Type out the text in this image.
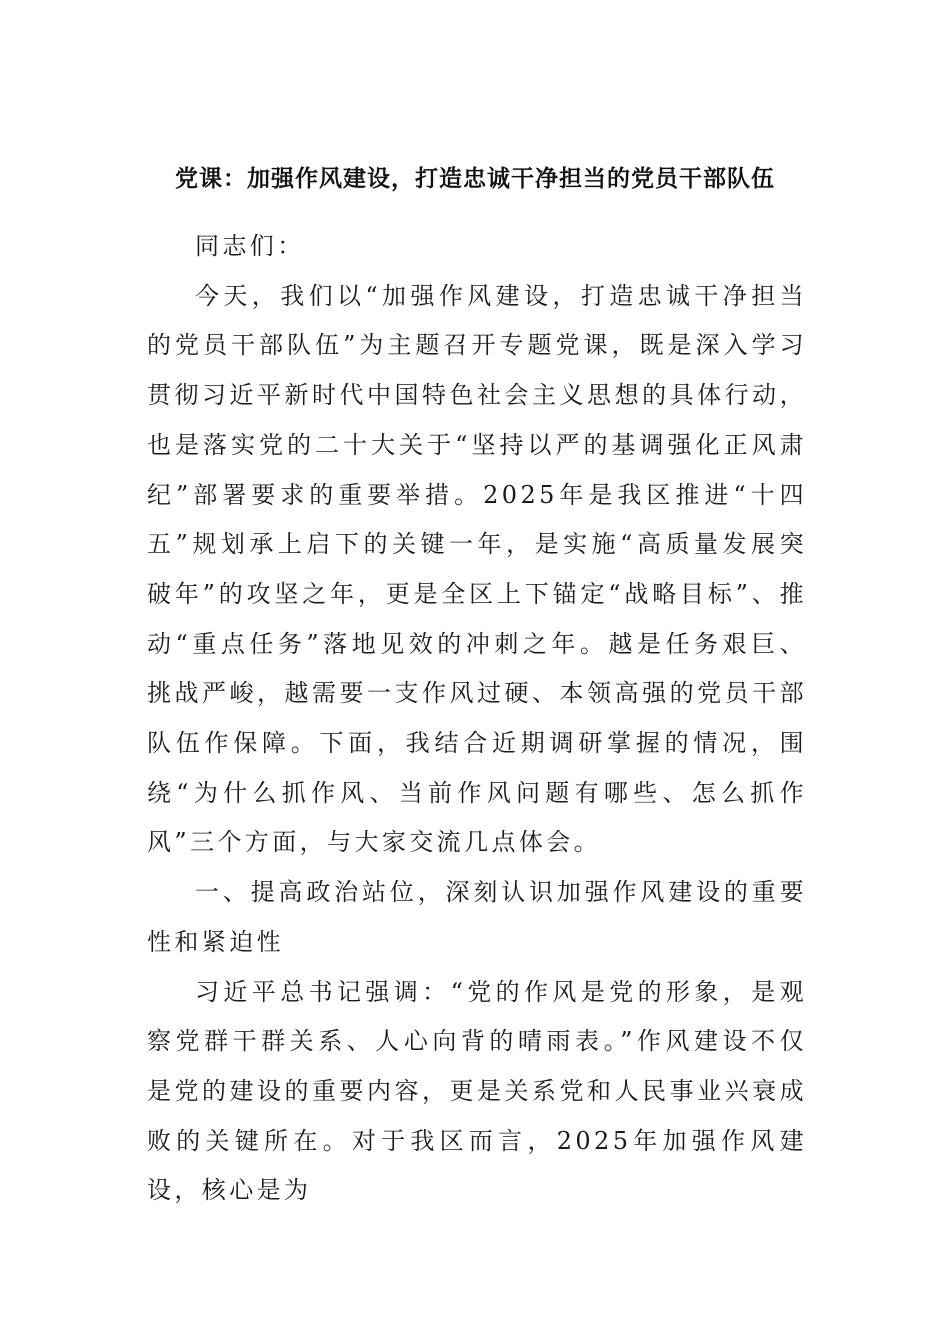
党课：加强作风建设，打造忠诚干净担当的党员干部队伍

同志们：

今天，我们以“加强作风建设，打造忠诚干净担当的党员干部队伍”为主题召开专题党课，既是深入学习贯彻习近平新时代中国特色社会主义思想的具体行动，也是落实党的二十大关于“坚持以严的基调强化正风肃纪”部署要求的重要举措。2025年是我区推进“十四五”规划承上启下的关键一年，是实施“高质量发展突破年”的攻坚之年，更是全区上下锚定“战略目标”、推动“重点任务”落地见效的冲刺之年。越是任务艰巨、挑战严峻，越需要一支作风过硬、本领高强的党员干部队伍作保障。下面，我结合近期调研掌握的情况，围绕“为什么抓作风、当前作风问题有哪些、怎么抓作风”三个方面，与大家交流几点体会。

一、提高政治站位，深刻认识加强作风建设的重要性和紧迫性

习近平总书记强调：“党的作风是党的形象，是观察党群干群关系、人心向背的晴雨表。”作风建设不仅是党的建设的重要内容，更是关系党和人民事业兴衰成败的关键所在。对于我区而言，2025年加强作风建设，核心是为
